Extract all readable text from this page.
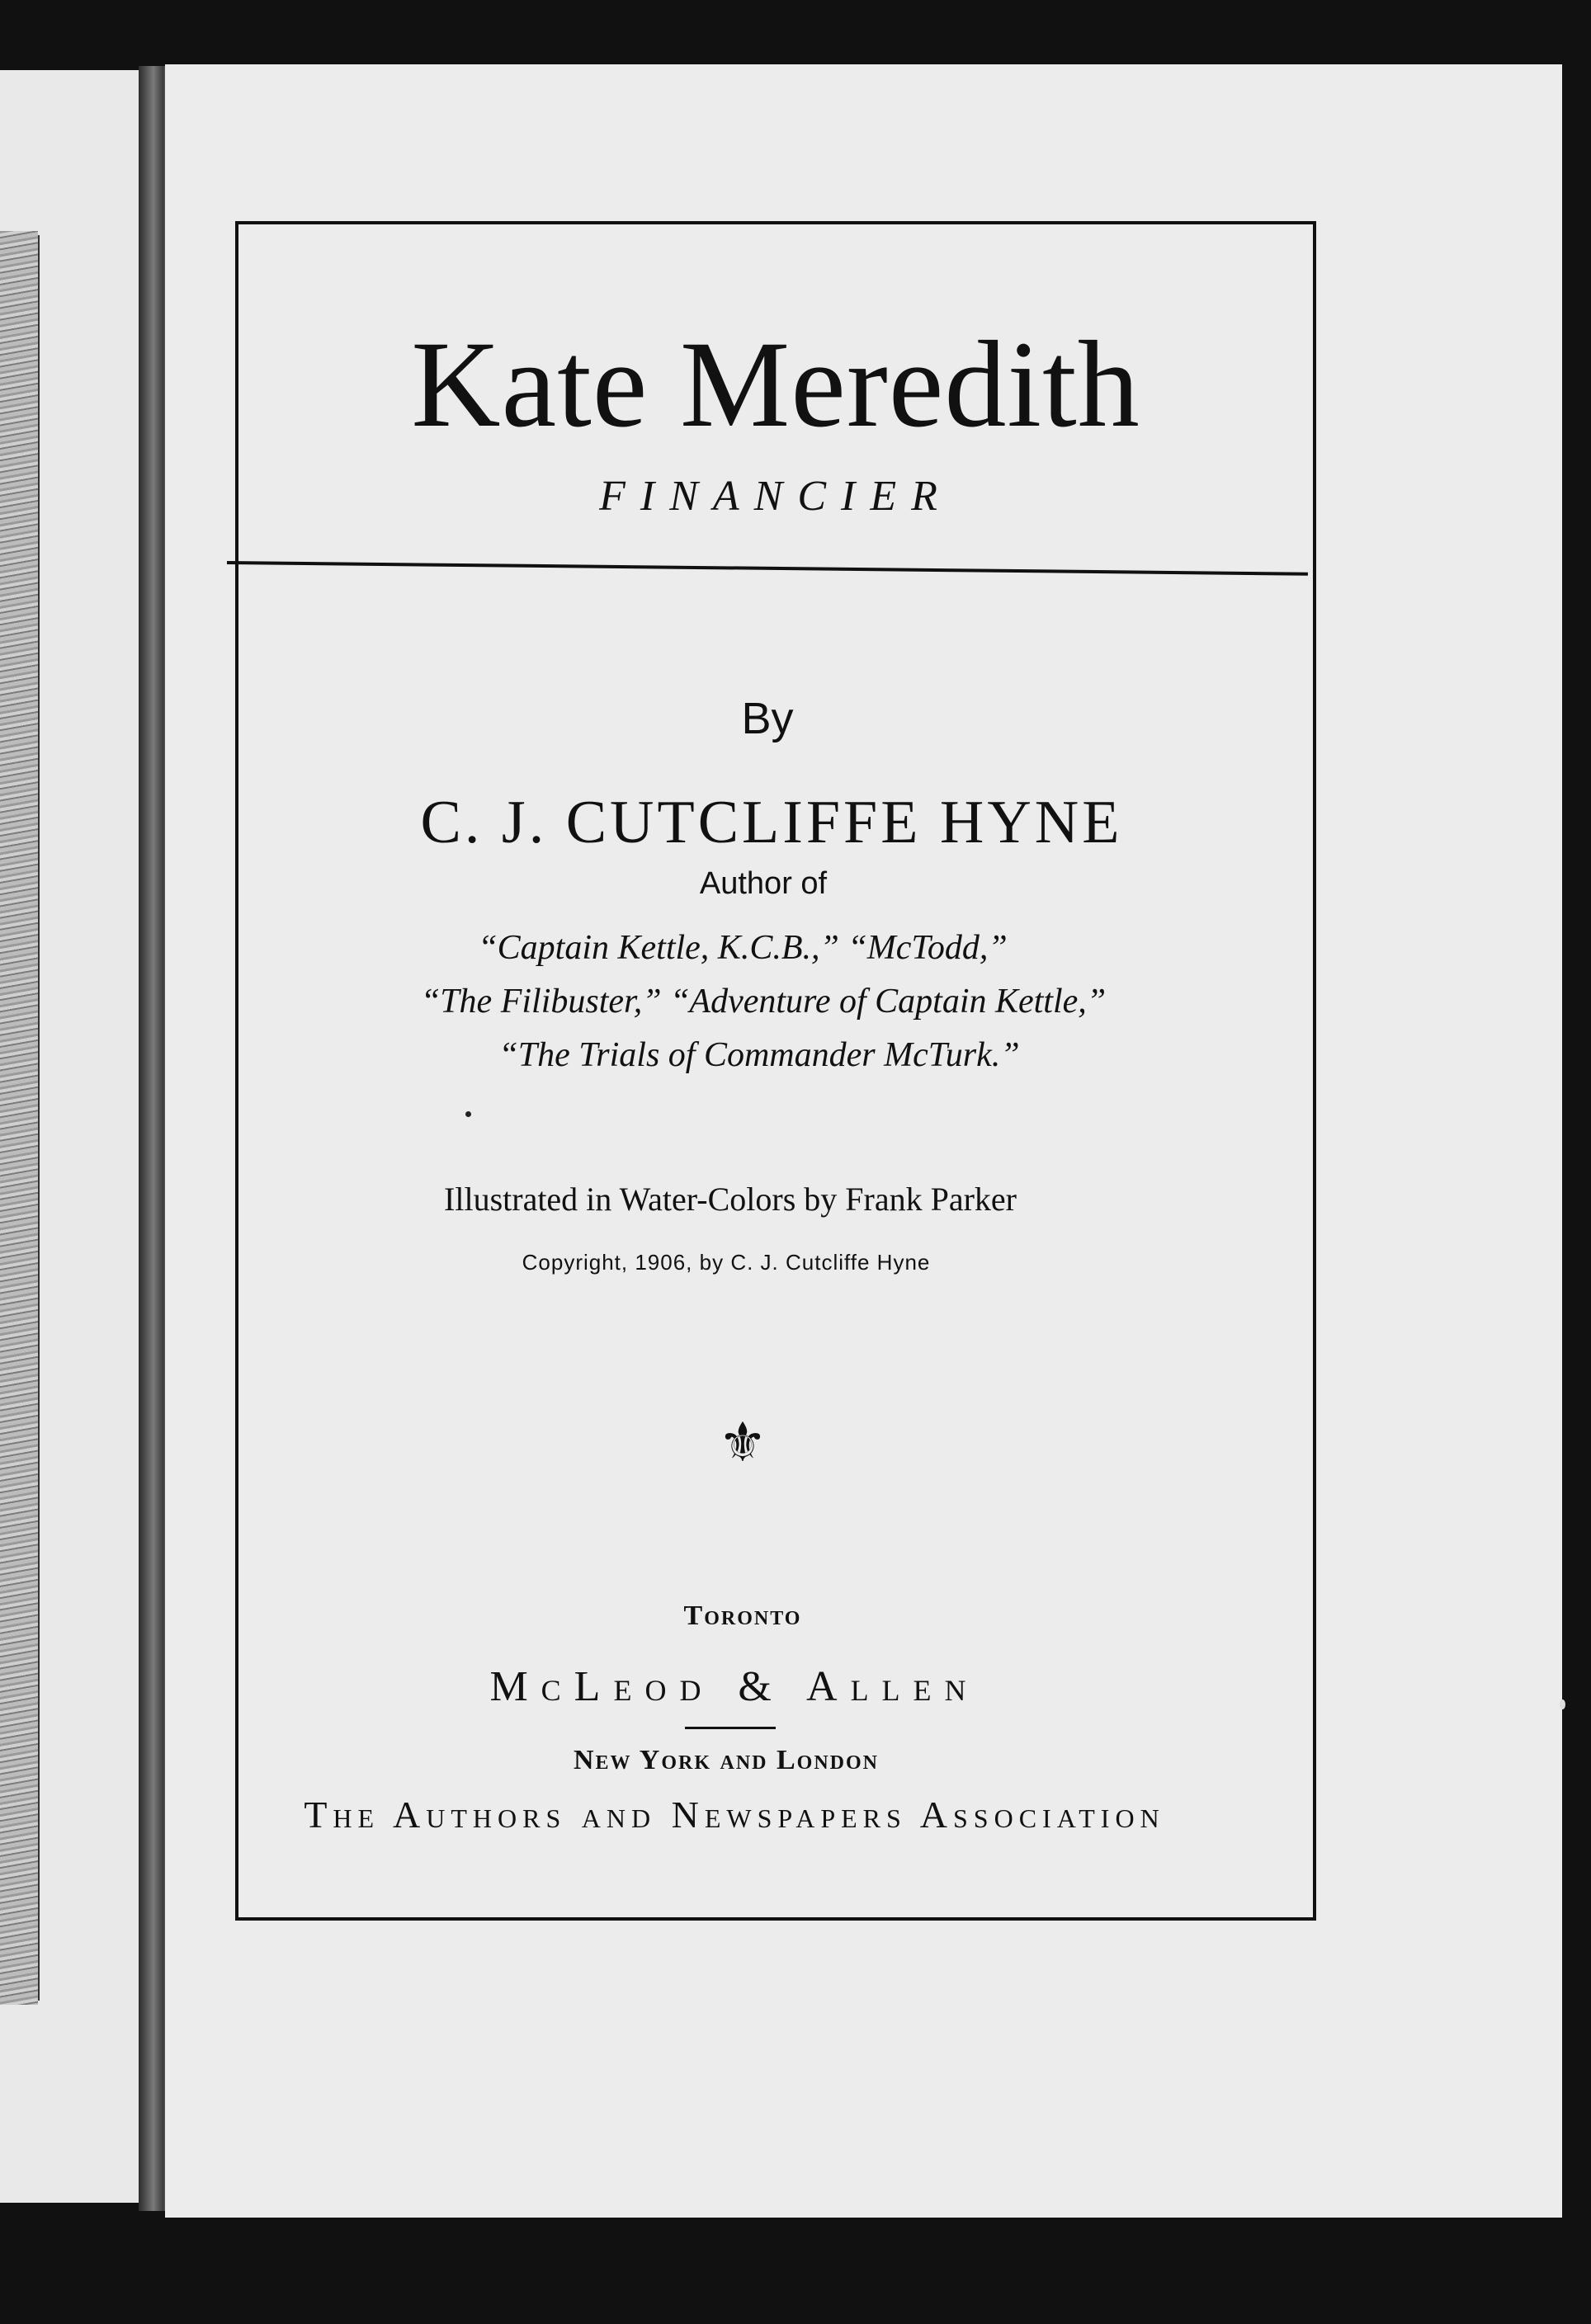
Kate Meredith
FINANCIER
By
C. J. CUTCLIFFE HYNE
Author of
“Captain Kettle, K.C.B.,” “McTodd,”
“The Filibuster,” “Adventure of Captain Kettle,”
“The Trials of Commander McTurk.”
Illustrated in Water-Colors by Frank Parker
Copyright, 1906, by C. J. Cutcliffe Hyne
⚜
Toronto
McLeod & Allen
New York and London
The Authors and Newspapers Association
